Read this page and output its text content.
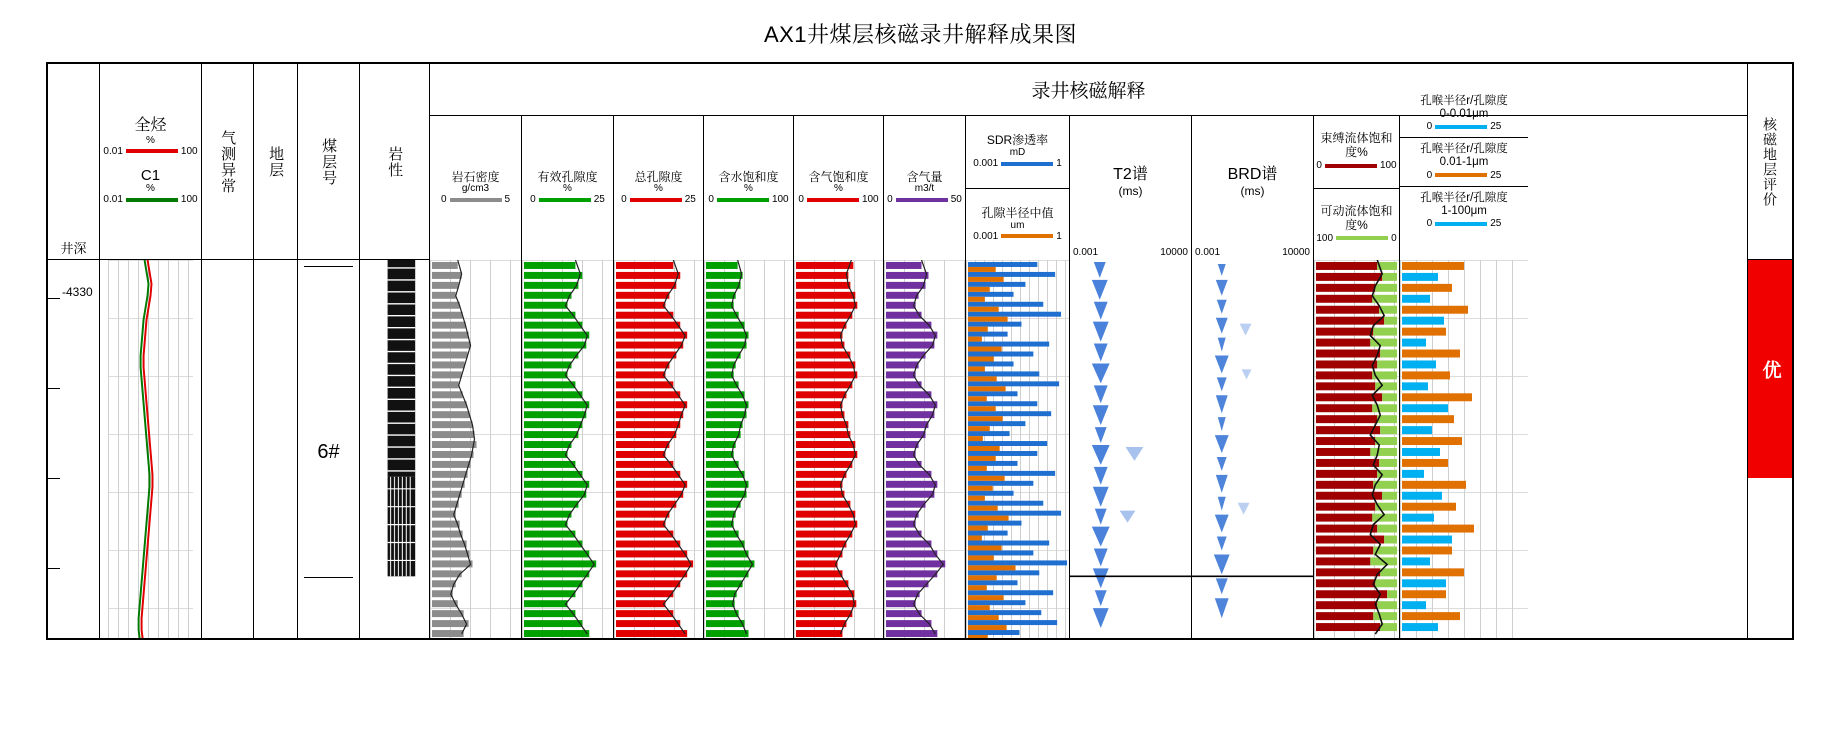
AX1井煤层核磁录井解释成果图
井深
-4330
全烃
%
0.01	100
C1
%
0.01	100
气测异常 地层 煤层号
6#
岩性
录井核磁解释
岩石密度
g/cm3
0	5
有效孔隙度
%
0	25
总孔隙度
%
0	25
含水饱和度
%
0	100
含气饱和度
%
0	100
含气量
m3/t
0	50
SDR渗透率
mD
0.001	1
孔隙半径中值
um
0.001	1
T2谱
(ms)
0.001	10000
BRD谱
(ms)
0.001	10000
束缚流体饱和度%
0	100
可动流体饱和度%
100	0
孔喉半径r/孔隙度
0-0.01μm
0	25
孔喉半径r/孔隙度
0.01-1μm
0	25
孔喉半径r/孔隙度
1-100μm
0	25
核磁地层评价
优
